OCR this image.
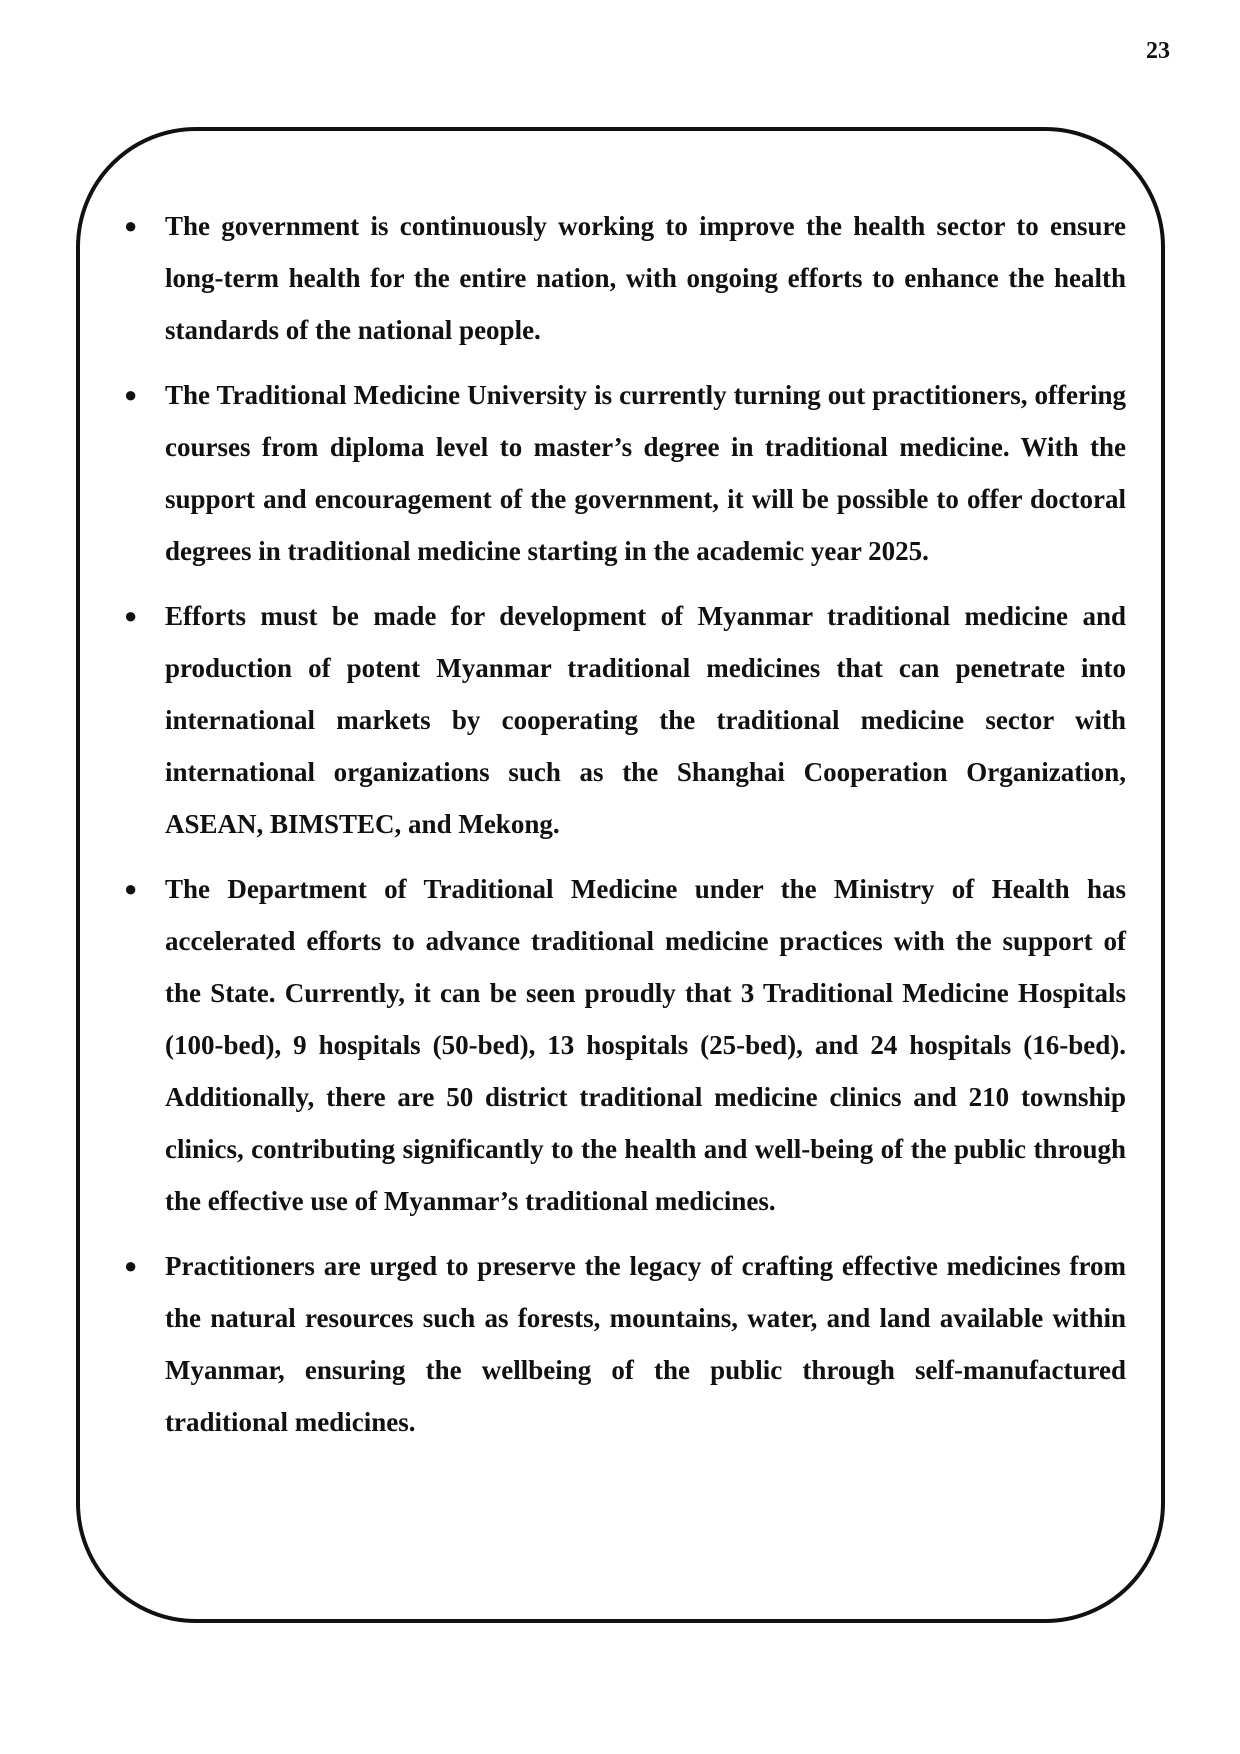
23
● The government is continuously working to improve the health sector to ensure long-term health for the entire nation, with ongoing efforts to enhance the health standards of the national people.
● The Traditional Medicine University is currently turning out practitioners, offering courses from diploma level to master’s degree in traditional medicine. With the support and encouragement of the government, it will be possible to offer doctoral degrees in traditional medicine starting in the academic year 2025.
● Efforts must be made for development of Myanmar traditional medicine and production of potent Myanmar traditional medicines that can penetrate into international markets by cooperating the traditional medicine sector with international organizations such as the Shanghai Cooperation Organization, ASEAN, BIMSTEC, and Mekong.
● The Department of Traditional Medicine under the Ministry of Health has accelerated efforts to advance traditional medicine practices with the support of the State. Currently, it can be seen proudly that 3 Traditional Medicine Hospitals (100-bed), 9 hospitals (50-bed), 13 hospitals (25-bed), and 24 hospitals (16-bed). Additionally, there are 50 district traditional medicine clinics and 210 township clinics, contributing significantly to the health and well-being of the public through the effective use of Myanmar’s traditional medicines.
● Practitioners are urged to preserve the legacy of crafting effective medicines from the natural resources such as forests, mountains, water, and land available within Myanmar, ensuring the wellbeing of the public through self-manufactured traditional medicines.
